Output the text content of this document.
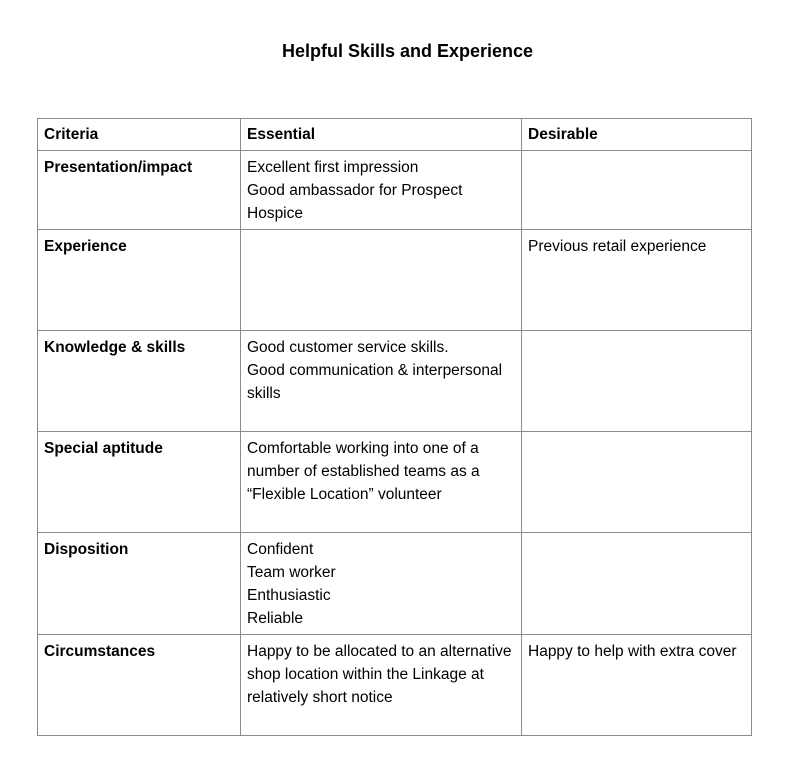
Helpful Skills and Experience
Criteria	Essential	Desirable
Presentation/impact	Excellent first impression
Good ambassador for Prospect Hospice	

Experience		Previous retail experience
Knowledge & skills	Good customer service skills.
Good communication & interpersonal skills	

Special aptitude	Comfortable working into one of a number of established teams as a “Flexible Location” volunteer	

Disposition	Confident
Team worker
Enthusiastic
Reliable	

Circumstances	Happy to be allocated to an alternative shop location within the Linkage at relatively short notice	Happy to help with extra cover
